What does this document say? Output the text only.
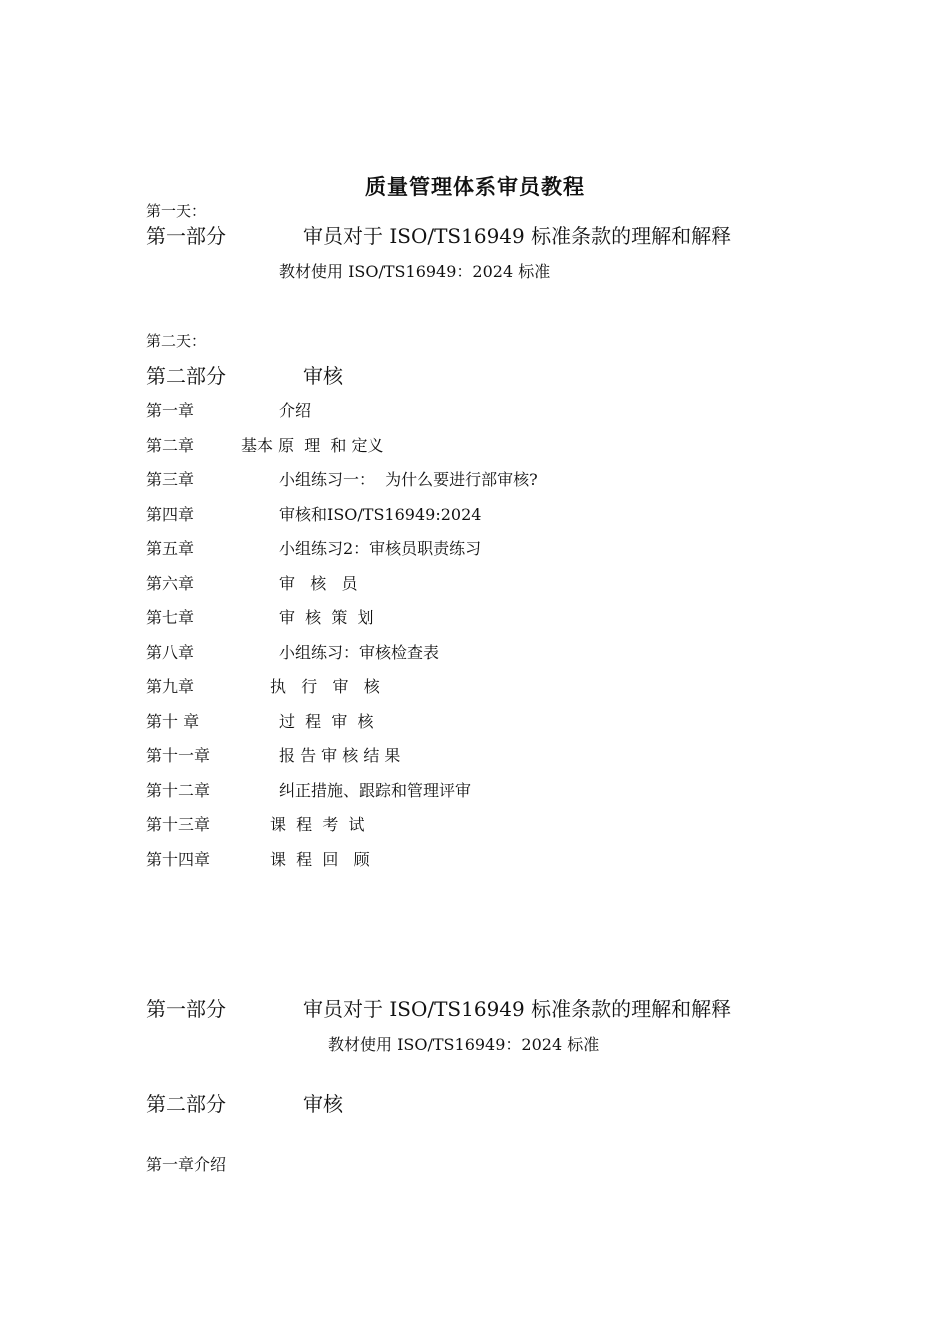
质量管理体系审员教程
第一天：
第一部分	审员对于 ISO/TS16949 标准条款的理解和解释
教材使用 ISO/TS16949：2024 标准
第二天：
第二部分	审核
第一章	介绍
第二章	基本 原  理  和 定义
第三章	小组练习一：  为什么要进行部审核?
第四章	审核和ISO/TS16949:2024
第五章	小组练习2：审核员职责练习
第六章	审   核   员
第七章	审  核  策  划
第八章	小组练习：审核检查表
第九章	执   行   审   核
第十 章	过  程  审  核
第十一章	报 告 审 核 结 果
第十二章	纠正措施、跟踪和管理评审
第十三章	课  程  考  试
第十四章	课  程  回   顾
第一部分	审员对于 ISO/TS16949 标准条款的理解和解释
教材使用 ISO/TS16949：2024 标准
第二部分	审核
第一章介绍
